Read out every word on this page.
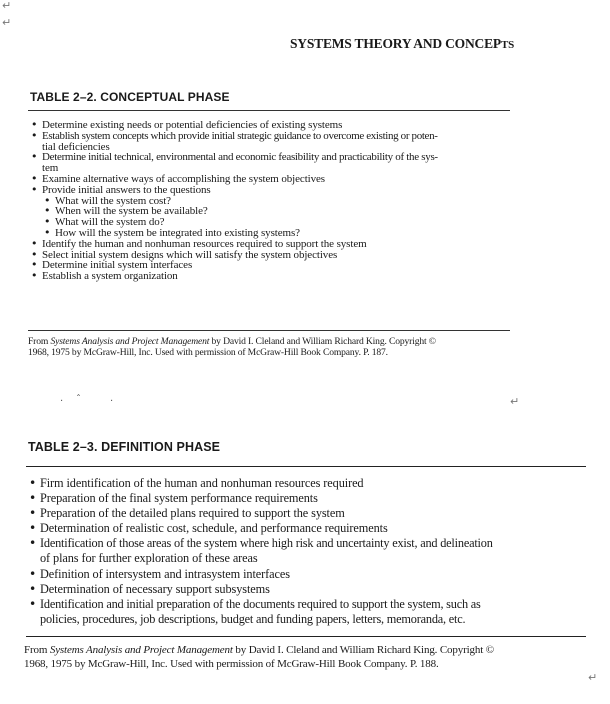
↵
↵
↵
↵
SYSTEMS THEORY AND CONCEPTS
TABLE 2–2. CONCEPTUAL PHASE
• Determine existing needs or potential deficiencies of existing systems
• Establish system concepts which provide initial strategic guidance to overcome existing or poten-
tial deficiencies
• Determine initial technical, environmental and economic feasibility and practicability of the sys-
tem
• Examine alternative ways of accomplishing the system objectives
• Provide initial answers to the questions
• What will the system cost?
• When will the system be available?
• What will the system do?
• How will the system be integrated into existing systems?
• Identify the human and nonhuman resources required to support the system
• Select initial system designs which will satisfy the system objectives
• Determine initial system interfaces
• Establish a system organization
From Systems Analysis and Project Management by David I. Cleland and William Richard King. Copyright ©
1968, 1975 by McGraw-Hill, Inc. Used with permission of McGraw-Hill Book Company. P. 187.
· ˆ	·
TABLE 2–3. DEFINITION PHASE
• Firm identification of the human and nonhuman resources required
• Preparation of the final system performance requirements
• Preparation of the detailed plans required to support the system
• Determination of realistic cost, schedule, and performance requirements
• Identification of those areas of the system where high risk and uncertainty exist, and delineation
of plans for further exploration of these areas
• Definition of intersystem and intrasystem interfaces
• Determination of necessary support subsystems
• Identification and initial preparation of the documents required to support the system, such as
policies, procedures, job descriptions, budget and funding papers, letters, memoranda, etc.
From Systems Analysis and Project Management by David I. Cleland and William Richard King. Copyright ©
1968, 1975 by McGraw-Hill, Inc. Used with permission of McGraw-Hill Book Company. P. 188.
